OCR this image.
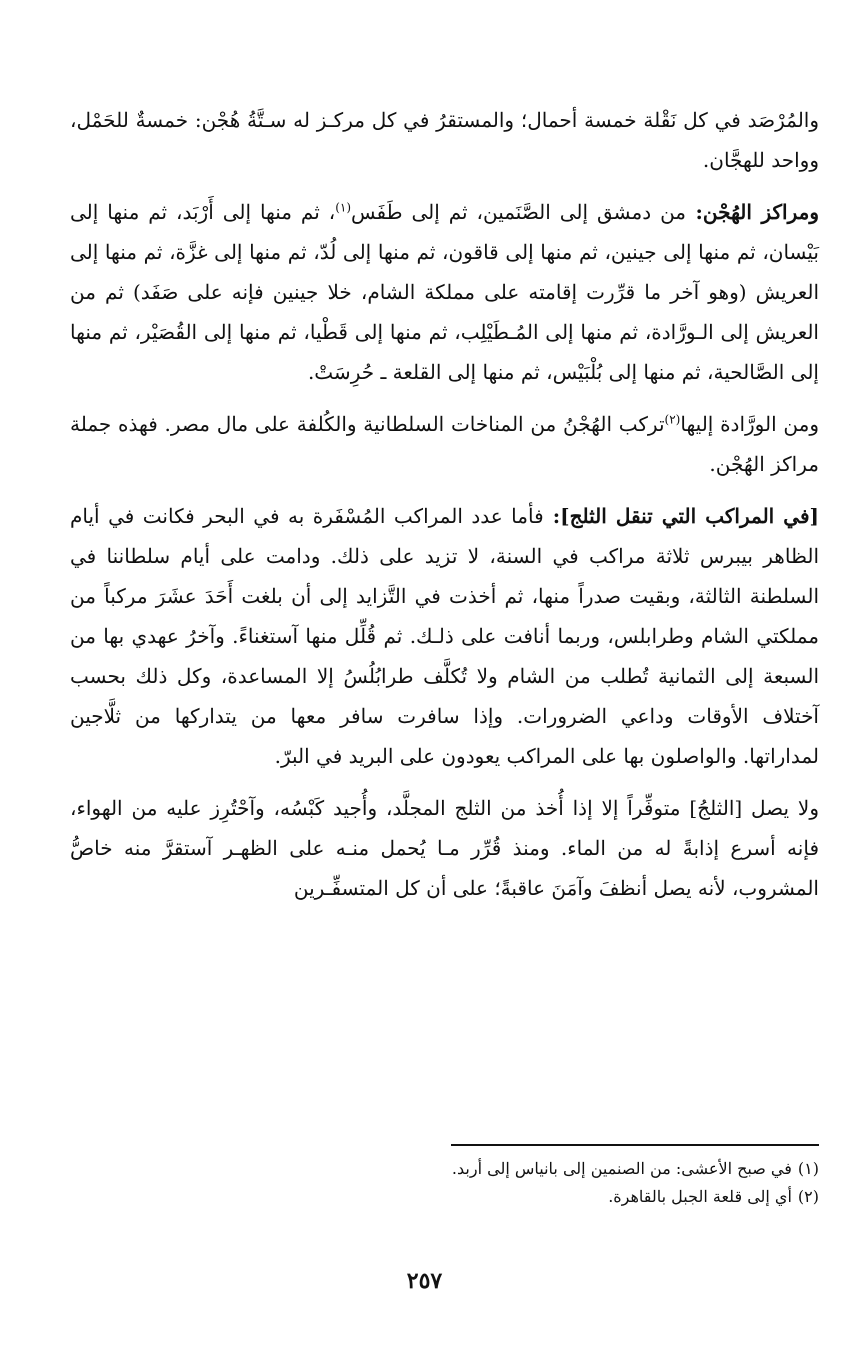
والمُرْصَد في كل نَقْلة خمسة أحمال؛ والمستقرُ في كل مركـز له سـتَّةُ هُجْن: خمسةٌ للحَمْل، وواحد للهجَّان.

ومراكز الهُجْن: من دمشق إلى الصَّنَمين، ثم إلى طَفَس$^{(١)}$، ثم منها إلى أَرْبَد، ثم منها إلى بَيْسان، ثم منها إلى جينين، ثم منها إلى قاقون، ثم منها إلى لُدّ، ثم منها إلى غزَّة، ثم منها إلى العريش (وهو آخر ما قرِّرت إقامته على مملكة الشام، خلا جينين فإنه على صَفَد) ثم من العريش إلى الـورَّادة، ثم منها إلى المُـطَيْلِب، ثم منها إلى قَطْيا، ثم منها إلى القُصَيْر، ثم منها إلى الصَّالحية، ثم منها إلى بُلْبَيْس، ثم منها إلى القلعة ـ حُرِسَتْ.

ومن الورَّادة إليها$^{(٢)}$تركب الهُجْنُ من المناخات السلطانية والكُلفة على مال مصر. فهذه جملة مراكز الهُجْن.

[في المراكب التي تنقل الثلج]: فأما عدد المراكب المُسْفَرة به في البحر فكانت في أيام الظاهر بيبرس ثلاثة مراكب في السنة، لا تزيد على ذلك. ودامت على أيام سلطاننا في السلطنة الثالثة، وبقيت صدراً منها، ثم أخذت في التَّزايد إلى أن بلغت أَحَدَ عشَرَ مركباً من مملكتي الشام وطرابلس، وربما أنافت على ذلـك. ثم قُلِّل منها آستغناءً. وآخرُ عهدي بها من السبعة إلى الثمانية تُطلب من الشام ولا تُكلَّف طرابُلُسُ إلا المساعدة، وكل ذلك بحسب آختلاف الأوقات وداعي الضرورات. وإذا سافرت سافر معها من يتداركها من ثلَّاجين لمداراتها. والواصلون بها على المراكب يعودون على البريد في البرّ.

ولا يصل [الثلجُ] متوفِّراً إلا إذا أُخذ من الثلج المجلَّد، وأُجيد كَبْسُه، وآحْتُرِز عليه من الهواء، فإنه أسرع إذابةً له من الماء. ومنذ قُرِّر مـا يُحمل منـه على الظهـر آستقرَّ منه خاصُّ المشروب، لأنه يصل أنظفَ وآمَنَ عاقبةً؛ على أن كل المتسفِّـرين

(١)في صبح الأعشى: من الصنمين إلى بانياس إلى أربد.

(٢)أي إلى قلعة الجبل بالقاهرة.

٢٥٧
